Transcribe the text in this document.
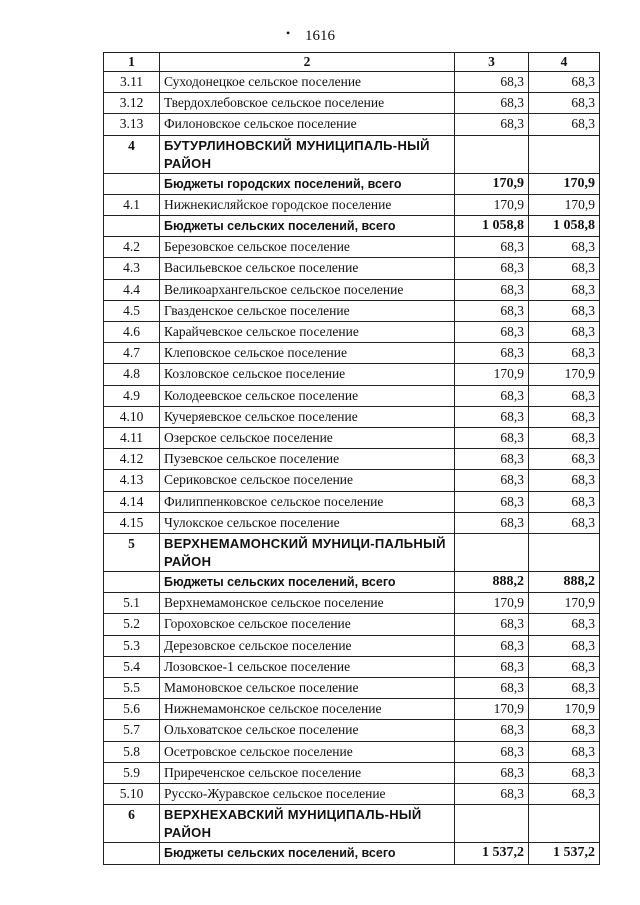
• 1616
1	2	3	4
3.11	Суходонецкое сельское поселение	68,3	68,3
3.12	Твердохлебовское сельское поселение	68,3	68,3
3.13	Филоновское сельское поселение	68,3	68,3
4	БУТУРЛИНОВСКИЙ МУНИЦИПАЛЬ-НЫЙ РАЙОН		
	Бюджеты городских поселений, всего	170,9	170,9
4.1	Нижнекисляйское городское поселение	170,9	170,9
	Бюджеты сельских поселений, всего	1 058,8	1 058,8
4.2	Березовское сельское поселение	68,3	68,3
4.3	Васильевское сельское поселение	68,3	68,3
4.4	Великоархангельское сельское поселение	68,3	68,3
4.5	Гвазденское сельское поселение	68,3	68,3
4.6	Карайчевское сельское поселение	68,3	68,3
4.7	Клеповское сельское поселение	68,3	68,3
4.8	Козловское сельское поселение	170,9	170,9
4.9	Колодеевское сельское поселение	68,3	68,3
4.10	Кучеряевское сельское поселение	68,3	68,3
4.11	Озерское сельское поселение	68,3	68,3
4.12	Пузевское сельское поселение	68,3	68,3
4.13	Сериковское сельское поселение	68,3	68,3
4.14	Филиппенковское сельское поселение	68,3	68,3
4.15	Чулокское сельское поселение	68,3	68,3
5	ВЕРХНЕМАМОНСКИЙ МУНИЦИ-ПАЛЬНЫЙ РАЙОН		
	Бюджеты сельских поселений, всего	888,2	888,2
5.1	Верхнемамонское сельское поселение	170,9	170,9
5.2	Гороховское сельское поселение	68,3	68,3
5.3	Дерезовское сельское поселение	68,3	68,3
5.4	Лозовское-1 сельское поселение	68,3	68,3
5.5	Мамоновское сельское поселение	68,3	68,3
5.6	Нижнемамонское сельское поселение	170,9	170,9
5.7	Ольховатское сельское поселение	68,3	68,3
5.8	Осетровское сельское поселение	68,3	68,3
5.9	Приреченское сельское поселение	68,3	68,3
5.10	Русско-Журавское сельское поселение	68,3	68,3
6	ВЕРХНЕХАВСКИЙ МУНИЦИПАЛЬ-НЫЙ РАЙОН		
	Бюджеты сельских поселений, всего	1 537,2	1 537,2
